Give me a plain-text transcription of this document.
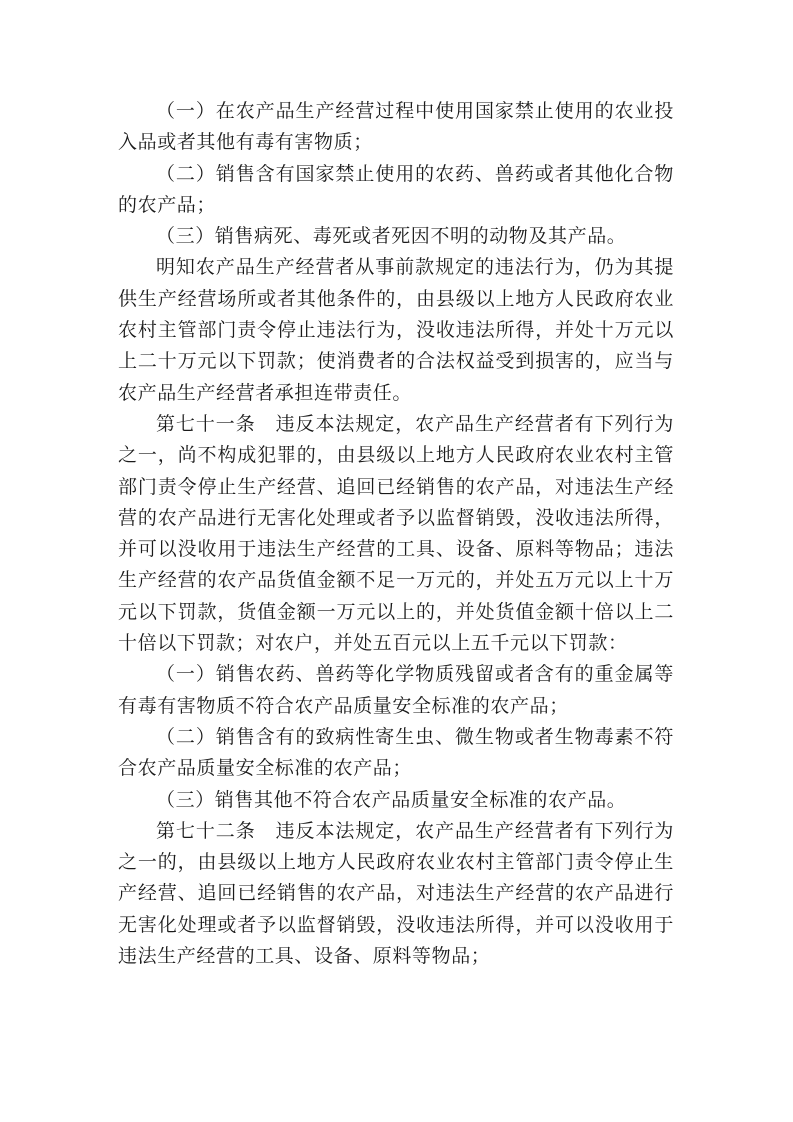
（一）在农产品生产经营过程中使用国家禁止使用的农业投入品或者其他有毒有害物质；

（二）销售含有国家禁止使用的农药、兽药或者其他化合物的农产品；

（三）销售病死、毒死或者死因不明的动物及其产品。

明知农产品生产经营者从事前款规定的违法行为，仍为其提供生产经营场所或者其他条件的，由县级以上地方人民政府农业农村主管部门责令停止违法行为，没收违法所得，并处十万元以上二十万元以下罚款；使消费者的合法权益受到损害的，应当与农产品生产经营者承担连带责任。

第七十一条　违反本法规定，农产品生产经营者有下列行为之一，尚不构成犯罪的，由县级以上地方人民政府农业农村主管部门责令停止生产经营、追回已经销售的农产品，对违法生产经营的农产品进行无害化处理或者予以监督销毁，没收违法所得，并可以没收用于违法生产经营的工具、设备、原料等物品；违法生产经营的农产品货值金额不足一万元的，并处五万元以上十万元以下罚款，货值金额一万元以上的，并处货值金额十倍以上二十倍以下罚款；对农户，并处五百元以上五千元以下罚款：

（一）销售农药、兽药等化学物质残留或者含有的重金属等有毒有害物质不符合农产品质量安全标准的农产品；

（二）销售含有的致病性寄生虫、微生物或者生物毒素不符合农产品质量安全标准的农产品；

（三）销售其他不符合农产品质量安全标准的农产品。

第七十二条　违反本法规定，农产品生产经营者有下列行为之一的，由县级以上地方人民政府农业农村主管部门责令停止生产经营、追回已经销售的农产品，对违法生产经营的农产品进行无害化处理或者予以监督销毁，没收违法所得，并可以没收用于违法生产经营的工具、设备、原料等物品；
